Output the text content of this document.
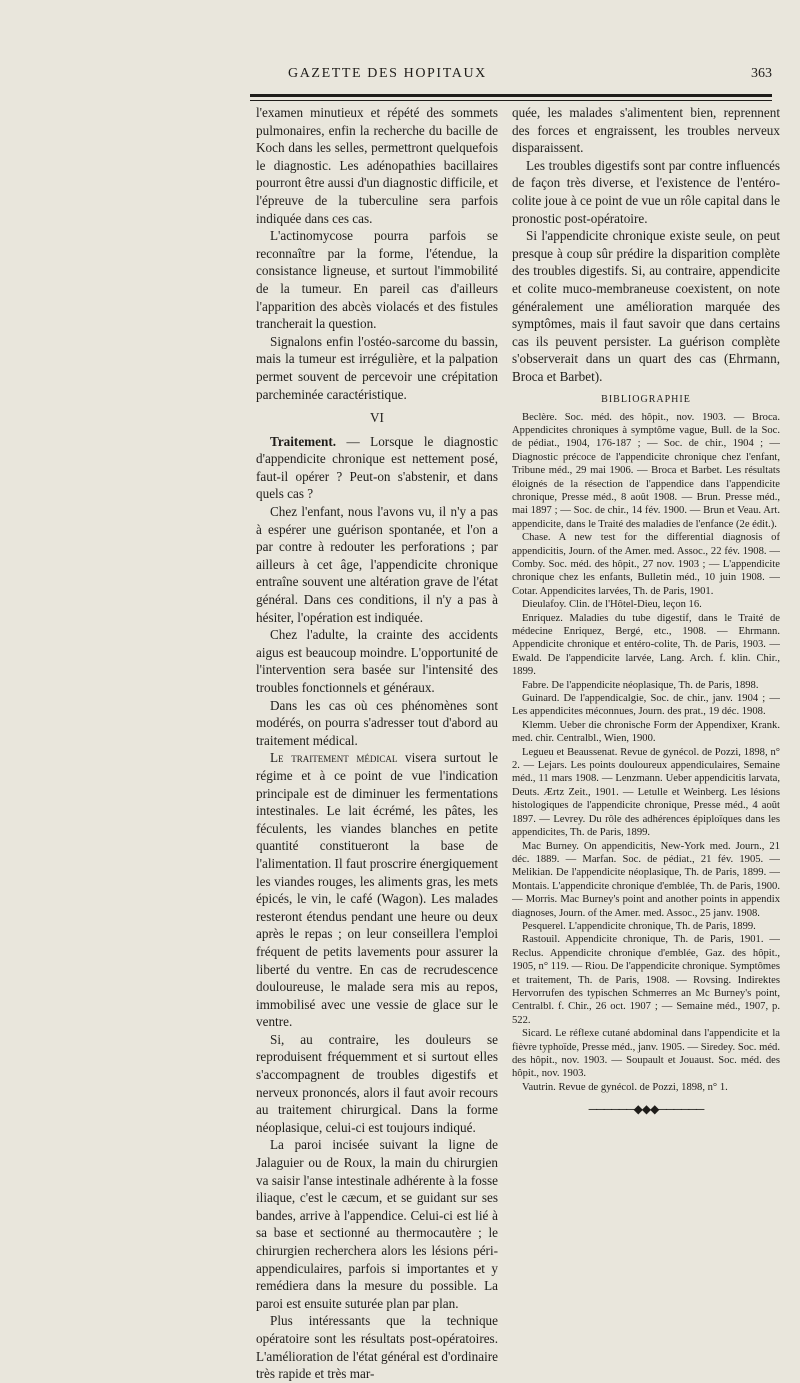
GAZETTE DES HOPITAUX	363

l'examen minutieux et répété des sommets pulmonaires, enfin la recherche du bacille de Koch dans les selles, permettront quelquefois le diagnostic. Les adénopathies bacillaires pourront être aussi d'un diagnostic difficile, et l'épreuve de la tuberculine sera parfois indiquée dans ces cas.

L'actinomycose pourra parfois se reconnaître par la forme, l'étendue, la consistance ligneuse, et surtout l'immobilité de la tumeur. En pareil cas d'ailleurs l'apparition des abcès violacés et des fistules trancherait la question.

Signalons enfin l'ostéo-sarcome du bassin, mais la tumeur est irrégulière, et la palpation permet souvent de percevoir une crépitation parcheminée caractéristique.

VI

Traitement. — Lorsque le diagnostic d'appendicite chronique est nettement posé, faut-il opérer ? Peut-on s'abstenir, et dans quels cas ?

Chez l'enfant, nous l'avons vu, il n'y a pas à espérer une guérison spontanée, et l'on a par contre à redouter les perforations ; par ailleurs à cet âge, l'appendicite chronique entraîne souvent une altération grave de l'état général. Dans ces conditions, il n'y a pas à hésiter, l'opération est indiquée.

Chez l'adulte, la crainte des accidents aigus est beaucoup moindre. L'opportunité de l'intervention sera basée sur l'intensité des troubles fonctionnels et généraux.

Dans les cas où ces phénomènes sont modérés, on pourra s'adresser tout d'abord au traitement médical.

Le traitement médical visera surtout le régime et à ce point de vue l'indication principale est de diminuer les fermentations intestinales. Le lait écrémé, les pâtes, les féculents, les viandes blanches en petite quantité constitueront la base de l'alimentation. Il faut proscrire énergiquement les viandes rouges, les aliments gras, les mets épicés, le vin, le café (Wagon). Les malades resteront étendus pendant une heure ou deux après le repas ; on leur conseillera l'emploi fréquent de petits lavements pour assurer la liberté du ventre. En cas de recrudescence douloureuse, le malade sera mis au repos, immobilisé avec une vessie de glace sur le ventre.

Si, au contraire, les douleurs se reproduisent fréquemment et si surtout elles s'accompagnent de troubles digestifs et nerveux prononcés, alors il faut avoir recours au traitement chirurgical. Dans la forme néoplasique, celui-ci est toujours indiqué.

La paroi incisée suivant la ligne de Jalaguier ou de Roux, la main du chirurgien va saisir l'anse intestinale adhérente à la fosse iliaque, c'est le cæcum, et se guidant sur ses bandes, arrive à l'appendice. Celui-ci est lié à sa base et sectionné au thermocautère ; le chirurgien recherchera alors les lésions péri-appendiculaires, parfois si importantes et y remédiera dans la mesure du possible. La paroi est ensuite suturée plan par plan.

Plus intéressants que la technique opératoire sont les résultats post-opératoires. L'amélioration de l'état général est d'ordinaire très rapide et très mar-

quée, les malades s'alimentent bien, reprennent des forces et engraissent, les troubles nerveux disparaissent.

Les troubles digestifs sont par contre influencés de façon très diverse, et l'existence de l'entéro-colite joue à ce point de vue un rôle capital dans le pronostic post-opératoire.

Si l'appendicite chronique existe seule, on peut presque à coup sûr prédire la disparition complète des troubles digestifs. Si, au contraire, appendicite et colite muco-membraneuse coexistent, on note généralement une amélioration marquée des symptômes, mais il faut savoir que dans certains cas ils peuvent persister. La guérison complète s'observerait dans un quart des cas (Ehrmann, Broca et Barbet).

BIBLIOGRAPHIE

Beclère. Soc. méd. des hôpit., nov. 1903. — Broca. Appendicites chroniques à symptôme vague, Bull. de la Soc. de pédiat., 1904, 176-187 ; — Soc. de chir., 1904 ; — Diagnostic précoce de l'appendicite chronique chez l'enfant, Tribune méd., 29 mai 1906. — Broca et Barbet. Les résultats éloignés de la résection de l'appendice dans l'appendicite chronique, Presse méd., 8 août 1908. — Brun. Presse méd., mai 1897 ; — Soc. de chir., 14 fév. 1900. — Brun et Veau. Art. appendicite, dans le Traité des maladies de l'enfance (2e édit.).

Chase. A new test for the differential diagnosis of appendicitis, Journ. of the Amer. med. Assoc., 22 fév. 1908. — Comby. Soc. méd. des hôpit., 27 nov. 1903 ; — L'appendicite chronique chez les enfants, Bulletin méd., 10 juin 1908. — Cotar. Appendicites larvées, Th. de Paris, 1901.

Dieulafoy. Clin. de l'Hôtel-Dieu, leçon 16.

Enriquez. Maladies du tube digestif, dans le Traité de médecine Enriquez, Bergé, etc., 1908. — Ehrmann. Appendicite chronique et entéro-colite, Th. de Paris, 1903. — Ewald. De l'appendicite larvée, Lang. Arch. f. klin. Chir., 1899.

Fabre. De l'appendicite néoplasique, Th. de Paris, 1898.

Guinard. De l'appendicalgie, Soc. de chir., janv. 1904 ; — Les appendicites méconnues, Journ. des prat., 19 déc. 1908.

Klemm. Ueber die chronische Form der Appendixer, Krank. med. chir. Centralbl., Wien, 1900.

Legueu et Beaussenat. Revue de gynécol. de Pozzi, 1898, n° 2. — Lejars. Les points douloureux appendiculaires, Semaine méd., 11 mars 1908. — Lenzmann. Ueber appendicitis larvata, Deuts. Ærtz Zeit., 1901. — Letulle et Weinberg. Les lésions histologiques de l'appendicite chronique, Presse méd., 4 août 1897. — Levrey. Du rôle des adhérences épiploïques dans les appendicites, Th. de Paris, 1899.

Mac Burney. On appendicitis, New-York med. Journ., 21 déc. 1889. — Marfan. Soc. de pédiat., 21 fév. 1905. — Melikian. De l'appendicite néoplasique, Th. de Paris, 1899. — Montais. L'appendicite chronique d'emblée, Th. de Paris, 1900. — Morris. Mac Burney's point and another points in appendix diagnoses, Journ. of the Amer. med. Assoc., 25 janv. 1908.

Pesquerel. L'appendicite chronique, Th. de Paris, 1899.

Rastouil. Appendicite chronique, Th. de Paris, 1901. — Reclus. Appendicite chronique d'emblée, Gaz. des hôpit., 1905, n° 119. — Riou. De l'appendicite chronique. Symptômes et traitement, Th. de Paris, 1908. — Rovsing. Indirektes Hervorrufen des typischen Schmerres an Mc Burney's point, Centralbl. f. Chir., 26 oct. 1907 ; — Semaine méd., 1907, p. 522.

Sicard. Le réflexe cutané abdominal dans l'appendicite et la fièvre typhoïde, Presse méd., janv. 1905. — Siredey. Soc. méd. des hôpit., nov. 1903. — Soupault et Jouaust. Soc. méd. des hôpit., nov. 1903.

Vautrin. Revue de gynécol. de Pozzi, 1898, n° 1.

──────◆◆◆──────
